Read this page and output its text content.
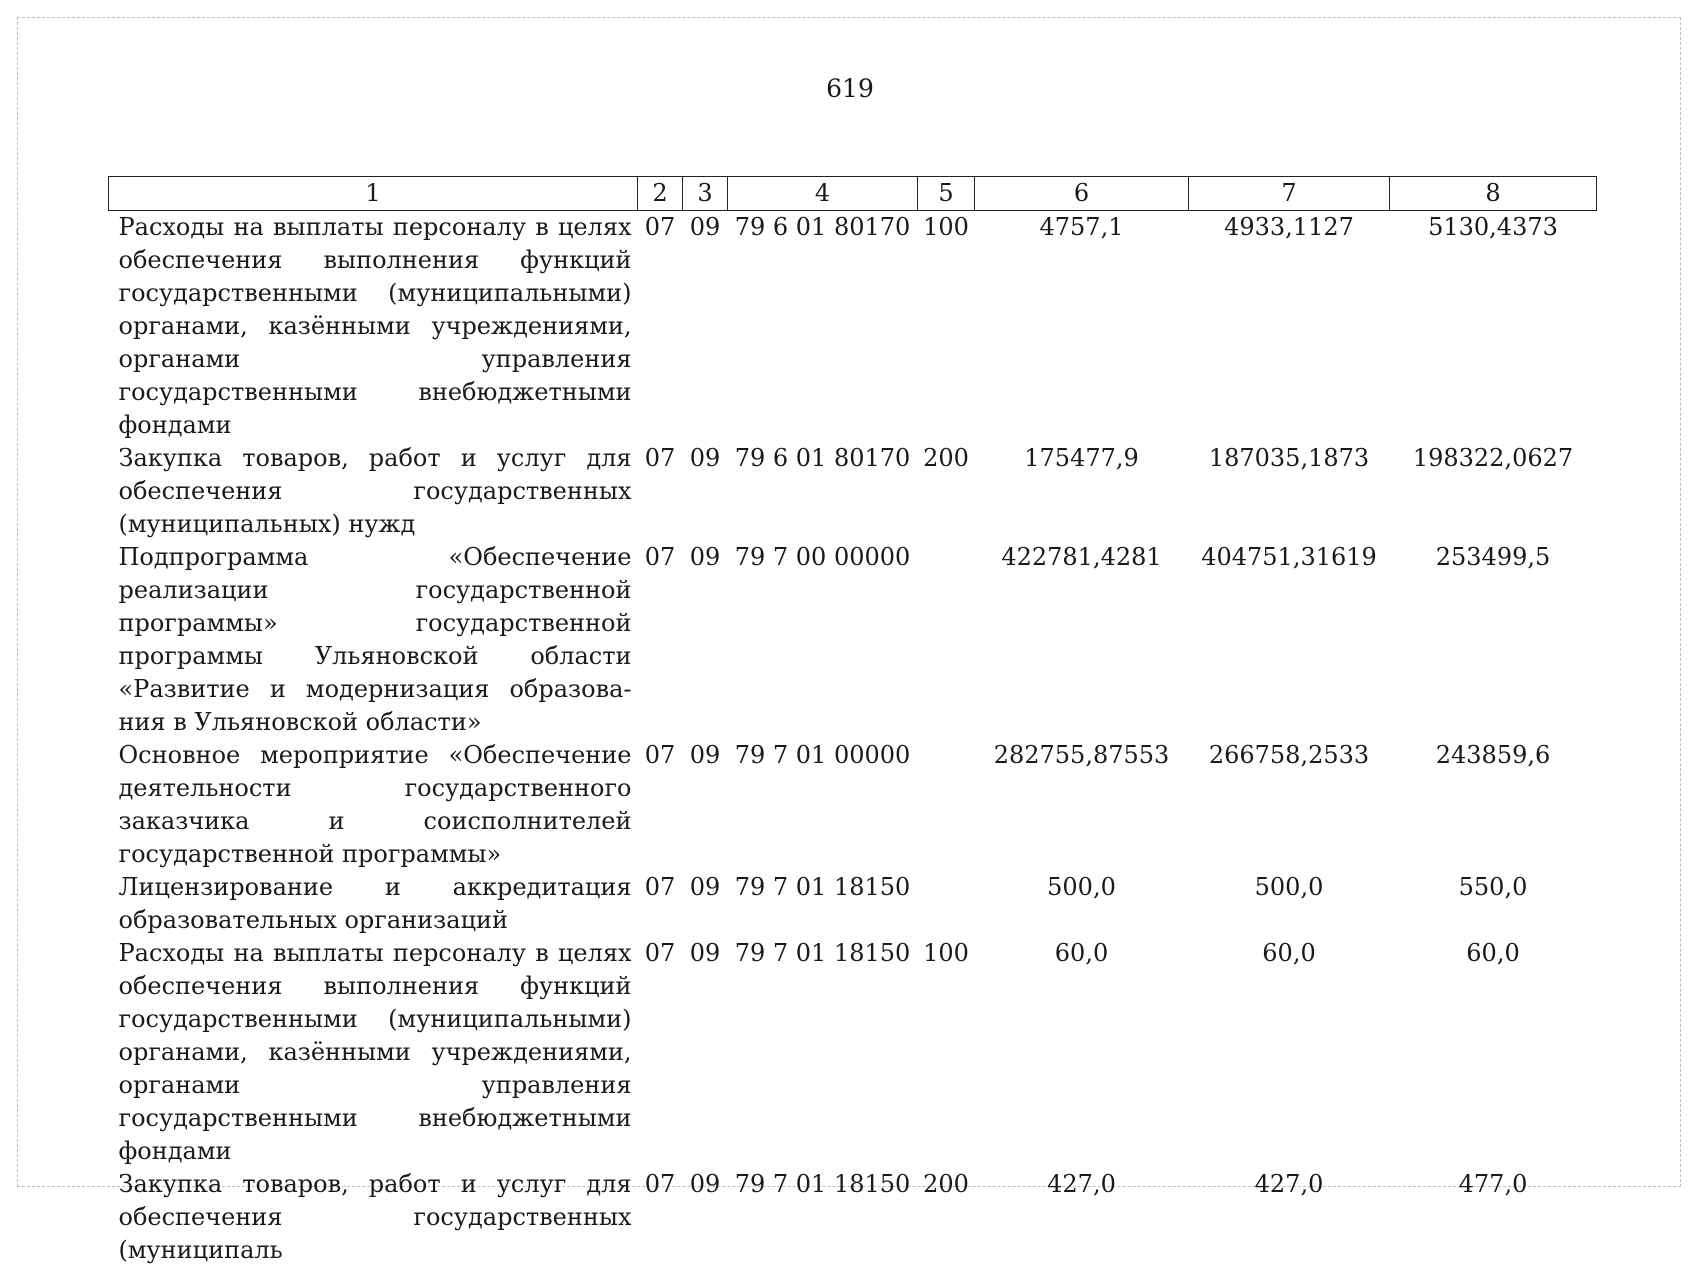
619
1	2	3	4	5	6	7	8
Расходы на выплаты персоналу в целях обеспечения выполнения функций государственными (муниципальными) органами, казёнными учреждениями, органами управления государственными внебюджетными фондами	07	09	79 6 01 80170	100	4757,1	4933,1127	5130,4373
Закупка товаров, работ и услуг для обеспечения государственных (муниципальных) нужд	07	09	79 6 01 80170	200	175477,9	187035,1873	198322,0627
Подпрограмма «Обеспечение реализации государственной программы» государственной программы Ульяновской области «Развитие и модернизация образования в Ульяновской области»	07	09	79 7 00 00000		422781,4281	404751,31619	253499,5
Основное мероприятие «Обеспечение деятельности государственного заказчика и соисполнителей государственной программы»	07	09	79 7 01 00000		282755,87553	266758,2533	243859,6
Лицензирование и аккредитация образовательных организаций	07	09	79 7 01 18150		500,0	500,0	550,0
Расходы на выплаты персоналу в целях обеспечения выполнения функций государственными (муниципальными) органами, казёнными учреждениями, органами управления государственными внебюджетными фондами	07	09	79 7 01 18150	100	60,0	60,0	60,0
Закупка товаров, работ и услуг для обеспечения государственных (муниципаль	07	09	79 7 01 18150	200	427,0	427,0	477,0
